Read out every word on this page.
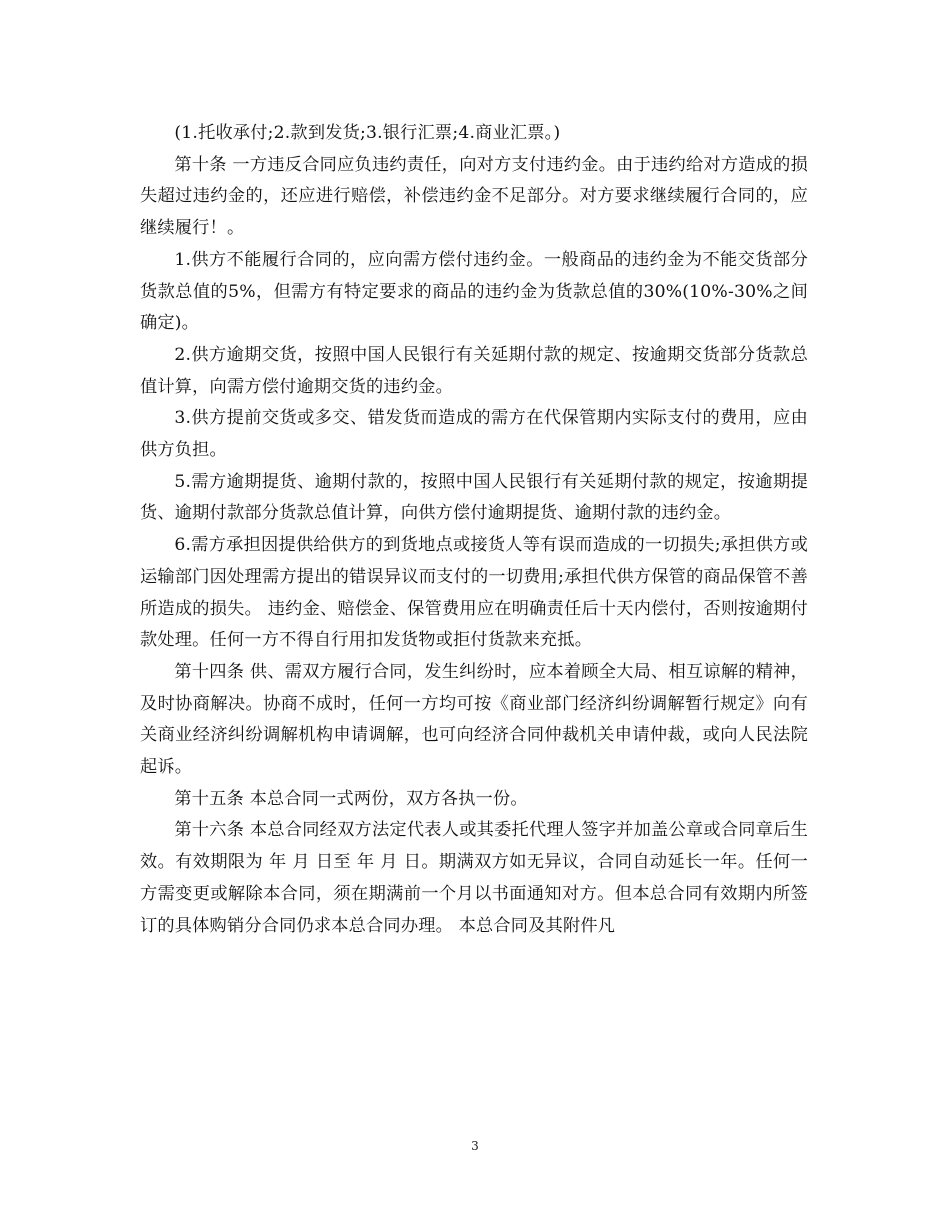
(1.托收承付;2.款到发货;3.银行汇票;4.商业汇票。)

第十条 一方违反合同应负违约责任，向对方支付违约金。由于违约给对方造成的损失超过违约金的，还应进行赔偿，补偿违约金不足部分。对方要求继续履行合同的，应继续履行！。

1.供方不能履行合同的，应向需方偿付违约金。一般商品的违约金为不能交货部分货款总值的5%，但需方有特定要求的商品的违约金为货款总值的30%(10%-30%之间确定)。

2.供方逾期交货，按照中国人民银行有关延期付款的规定、按逾期交货部分货款总值计算，向需方偿付逾期交货的违约金。

3.供方提前交货或多交、错发货而造成的需方在代保管期内实际支付的费用，应由供方负担。

5.需方逾期提货、逾期付款的，按照中国人民银行有关延期付款的规定，按逾期提货、逾期付款部分货款总值计算，向供方偿付逾期提货、逾期付款的违约金。

6.需方承担因提供给供方的到货地点或接货人等有误而造成的一切损失;承担供方或运输部门因处理需方提出的错误异议而支付的一切费用;承担代供方保管的商品保管不善所造成的损失。 违约金、赔偿金、保管费用应在明确责任后十天内偿付，否则按逾期付款处理。任何一方不得自行用扣发货物或拒付货款来充抵。

第十四条 供、需双方履行合同，发生纠纷时，应本着顾全大局、相互谅解的精神，及时协商解决。协商不成时，任何一方均可按《商业部门经济纠纷调解暂行规定》向有关商业经济纠纷调解机构申请调解，也可向经济合同仲裁机关申请仲裁，或向人民法院起诉。

第十五条 本总合同一式两份，双方各执一份。

第十六条 本总合同经双方法定代表人或其委托代理人签字并加盖公章或合同章后生效。有效期限为 年 月 日至 年 月 日。期满双方如无异议，合同自动延长一年。任何一方需变更或解除本合同，须在期满前一个月以书面通知对方。但本总合同有效期内所签订的具体购销分合同仍求本总合同办理。 本总合同及其附件凡

3
